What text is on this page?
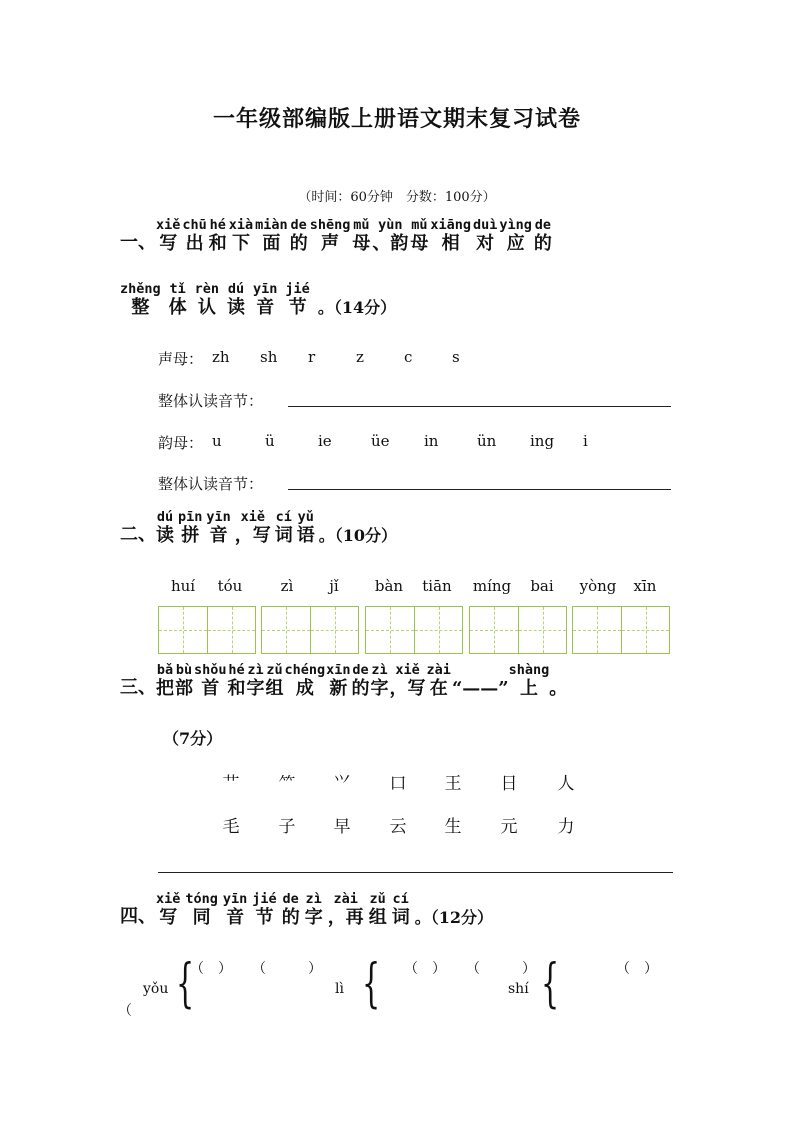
一年级部编版上册语文期末复习试卷
（时间：60分钟　分数：100分）
一、
xiě
写
chū
出
hé
和
xià
下
miàn
面
de
的
shēng
声
mǔ
母
yùn
、韵
mǔ
母
xiāng
相
duì
对
yìng
应
de
的
zhěng
整
tǐ
体
rèn
认
dú
读
yīn
音
jié
节 。（14分）
声母： zh sh r	z	c	s
整体认读音节：
韵母： u	ü	ie	üe in	ün ing i
整体认读音节：
二、
dú
读
pīn
拼
yīn
音
xiě
，写
cí
词
yǔ
语 。（10分）
huí	tóu	zì	jǐ	bàn	tiān	míng	bai	yòng	xīn
三、
bǎ
把
bù
部
shǒu
首
hé
和
zì
字
zǔ
组
chéng
成
xīn
新
de
的
zì
字
xiě
，写
zài
在 “——”
shàng
上 。
（7分）
艹	⺮	⺍	口	王	日	人
毛	子	早	云	生	元	力
四、
xiě
写
tóng
同
yīn
音
jié
节
de
的
zì
字
zài
，再
zǔ
组
cí
词 。（12分）
yǒu {
（　） （　　　）
（
lì { （　） （　　　）
shí {	（　）
